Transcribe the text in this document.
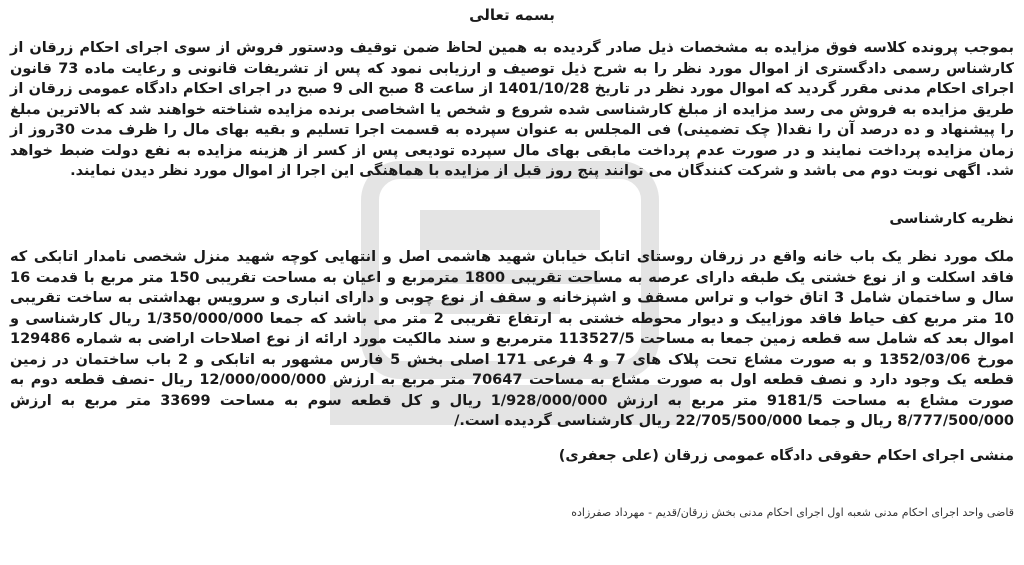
بسمه تعالی
بموجب پرونده کلاسه فوق مزایده به مشخصات ذیل صادر گردیده به همین لحاظ ضمن توقیف ودستور فروش از سوی اجرای احکام زرقان از کارشناس رسمی دادگستری از اموال مورد نظر را به شرح ذیل توصیف و ارزیابی نمود که پس از تشریفات قانونی و رعایت ماده 73 قانون اجرای احکام مدنی مقرر گردید که اموال مورد نظر در تاریخ 1401/10/28 از ساعت 8 صبح الی 9 صبح در اجرای احکام دادگاه عمومی زرقان از طریق مزایده به فروش می رسد مزایده از مبلغ کارشناسی شده شروع و شخص یا اشخاصی برنده مزایده شناخته خواهند شد که بالاترین مبلغ را پیشنهاد و ده درصد آن را نقدا( چک تضمینی) فی المجلس به عنوان سپرده به قسمت اجرا تسلیم و بقیه بهای مال را ظرف مدت 30روز از زمان مزایده پرداخت نمایند و در صورت عدم پرداخت مابقی بهای مال سپرده تودیعی پس از کسر از هزینه مزایده به نفع دولت ضبط خواهد شد. اگهی نوبت دوم می باشد و شرکت کنندگان می توانند پنج روز قبل از مزایده با هماهنگی این اجرا از اموال مورد نظر دیدن نمایند.
نظریه کارشناسی
ملک مورد نظر یک باب خانه واقع در زرقان روستای اتابک خیابان شهید هاشمی اصل و انتهایی کوچه شهید منزل شخصی نامدار اتابکی که فاقد اسکلت و از نوع خشتی یک طبقه دارای عرصه به مساحت تقریبی 1800 مترمربع و اعیان به مساحت تقریبی 150 متر مربع با قدمت 16 سال و ساختمان شامل 3 اتاق خواب و تراس مسقف و اشپزخانه و سقف از نوع چوبی و دارای انباری و سرویس بهداشتی به ساخت تقریبی 10 متر مربع کف حیاط فاقد موزاییک و دیوار محوطه خشتی به ارتفاع تقریبی 2 متر می باشد که جمعا 1/350/000/000 ریال کارشناسی و اموال بعد که شامل سه قطعه زمین جمعا به مساحت 113527/5 مترمربع و سند مالکیت مورد ارائه از نوع اصلاحات اراضی به شماره 129486 مورخ 1352/03/06 و به صورت مشاع تحت پلاک های 7 و 4 فرعی 171 اصلی بخش 5 فارس مشهور به اتابکی و 2 باب ساختمان در زمین قطعه یک وجود دارد و نصف قطعه اول به صورت مشاع به مساحت 70647 متر مربع به ارزش 12/000/000/000 ریال -نصف قطعه دوم به صورت مشاع به مساحت 9181/5 متر مربع به ارزش 1/928/000/000 ریال و کل قطعه سوم به مساحت 33699 متر مربع به ارزش 8/777/500/000 ریال و جمعا 22/705/500/000 ریال کارشناسی گردیده است./
منشی اجرای احکام حقوقی دادگاه عمومی زرقان (علی جعفری)
قاضی واحد اجرای احکام مدنی شعبه اول اجرای احکام مدنی بخش زرقان/قدیم - مهرداد صفرزاده
